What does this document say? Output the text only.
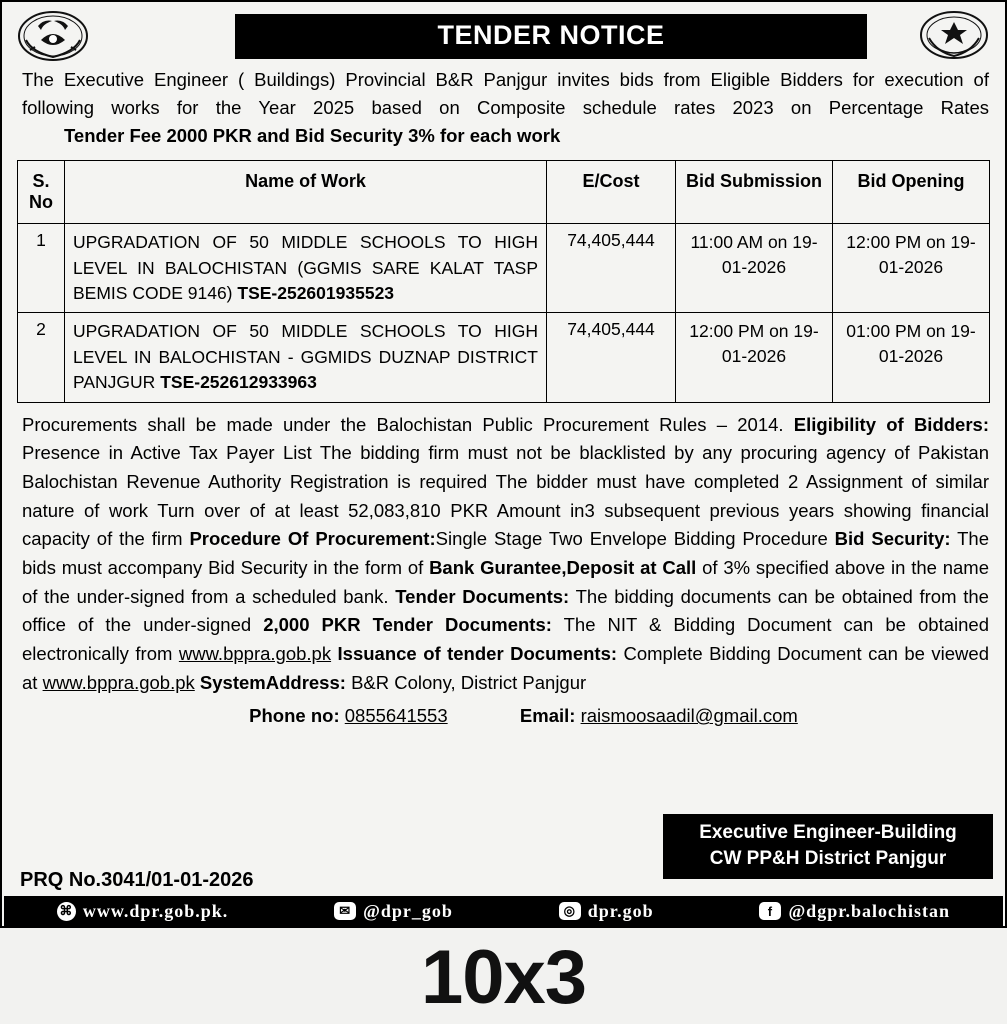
TENDER NOTICE
The Executive Engineer ( Buildings) Provincial B&R Panjgur invites bids from Eligible Bidders for execution of following works for the Year 2025 based on Composite schedule rates 2023 on Percentage Rates Tender Fee 2000 PKR and Bid Security 3% for each work
S. No	Name of Work	E/Cost	Bid Submission	Bid Opening
1	UPGRADATION OF 50 MIDDLE SCHOOLS TO HIGH LEVEL IN BALOCHISTAN (GGMIS SARE KALAT TASP BEMIS CODE 9146) TSE-252601935523	74,405,444	11:00 AM on 19-01-2026	12:00 PM on 19-01-2026
2	UPGRADATION OF 50 MIDDLE SCHOOLS TO HIGH LEVEL IN BALOCHISTAN - GGMIDS DUZNAP DISTRICT PANJGUR TSE-252612933963	74,405,444	12:00 PM on 19-01-2026	01:00 PM on 19-01-2026
Procurements shall be made under the Balochistan Public Procurement Rules – 2014. Eligibility of Bidders: Presence in Active Tax Payer List The bidding firm must not be blacklisted by any procuring agency of Pakistan Balochistan Revenue Authority Registration is required The bidder must have completed 2 Assignment of similar nature of work Turn over of at least 52,083,810 PKR Amount in3 subsequent previous years showing financial capacity of the firm Procedure Of Procurement:Single Stage Two Envelope Bidding Procedure Bid Security: The bids must accompany Bid Security in the form of Bank Gurantee,Deposit at Call of 3% specified above in the name of the under-signed from a scheduled bank. Tender Documents: The bidding documents can be obtained from the office of the under-signed 2,000 PKR Tender Documents: The NIT & Bidding Document can be obtained electronically from www.bppra.gob.pk Issuance of tender Documents: Complete Bidding Document can be viewed at www.bppra.gob.pk SystemAddress: B&R Colony, District Panjgur
Phone no: 0855641553	Email: raismoosaadil@gmail.com
Executive Engineer-Building
CW PP&H District Panjgur
PRQ No.3041/01-01-2026
⌘ www.dpr.gob.pk.	✉ @dpr_gob	◎ dpr.gob	f @dgpr.balochistan
10x3
